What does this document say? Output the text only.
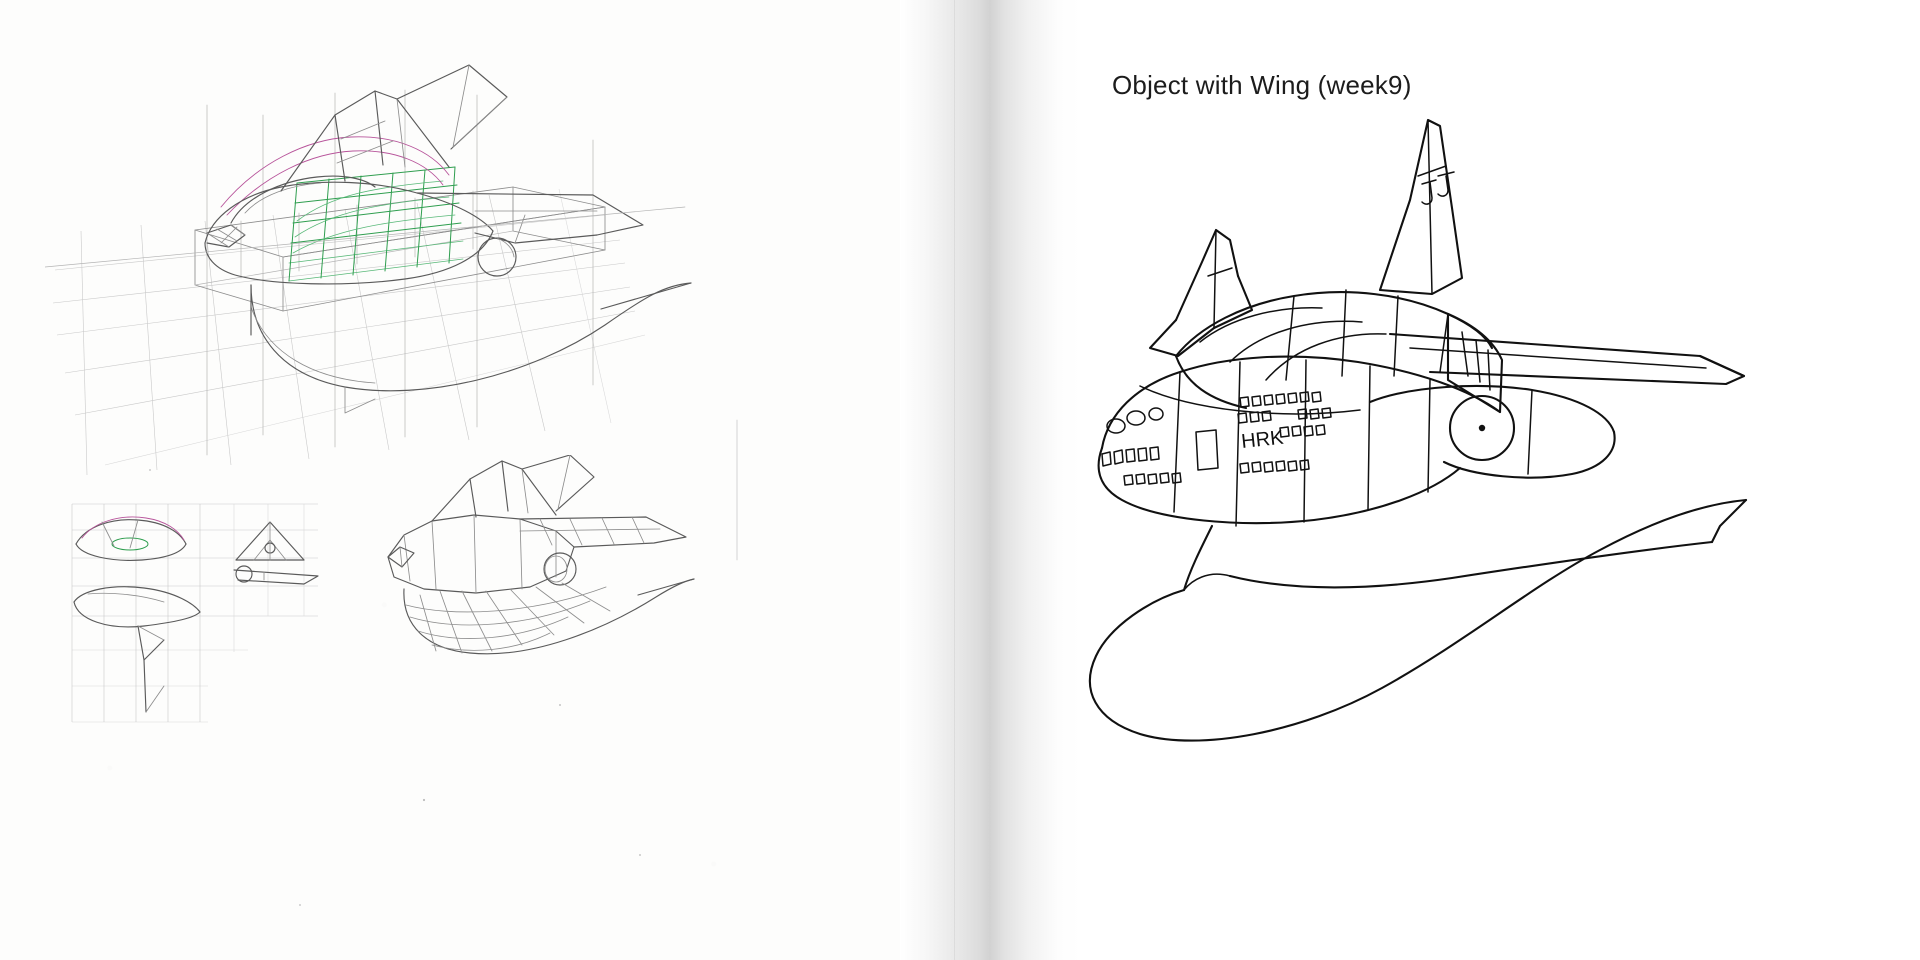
Object with Wing (week9)
HRK
